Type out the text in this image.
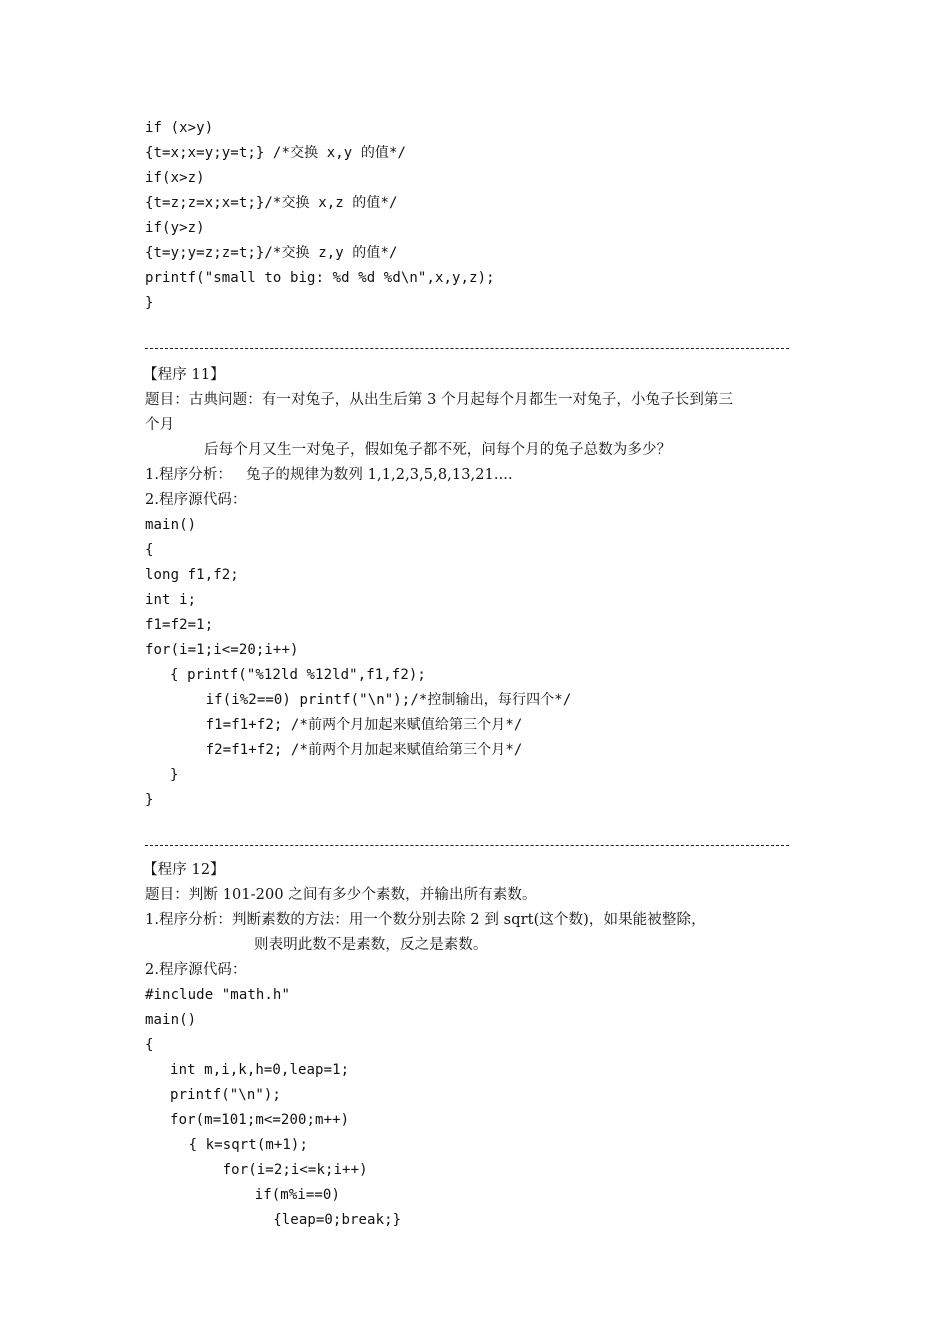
if (x>y)
{t=x;x=y;y=t;} /*交换 x,y 的值*/
if(x>z)
{t=z;z=x;x=t;}/*交换 x,z 的值*/
if(y>z)
{t=y;y=z;z=t;}/*交换 z,y 的值*/
printf("small to big: %d %d %d\n",x,y,z);
}
【程序 11】
题目：古典问题：有一对兔子，从出生后第 3 个月起每个月都生一对兔子，小兔子长到第三
个月
后每个月又生一对兔子，假如兔子都不死，问每个月的兔子总数为多少？
1.程序分析：   兔子的规律为数列 1,1,2,3,5,8,13,21....
2.程序源代码：
main()
{
long f1,f2;
int i;
f1=f2=1;
for(i=1;i<=20;i++)
{ printf("%12ld %12ld",f1,f2);
if(i%2==0) printf("\n");/*控制输出，每行四个*/
f1=f1+f2; /*前两个月加起来赋值给第三个月*/
f2=f1+f2; /*前两个月加起来赋值给第三个月*/
}
}
【程序 12】
题目：判断 101-200 之间有多少个素数，并输出所有素数。
1.程序分析：判断素数的方法：用一个数分别去除 2 到 sqrt(这个数)，如果能被整除，
则表明此数不是素数，反之是素数。
2.程序源代码：
#include "math.h"
main()
{
int m,i,k,h=0,leap=1;
printf("\n");
for(m=101;m<=200;m++)
{ k=sqrt(m+1);
for(i=2;i<=k;i++)
if(m%i==0)
{leap=0;break;}
